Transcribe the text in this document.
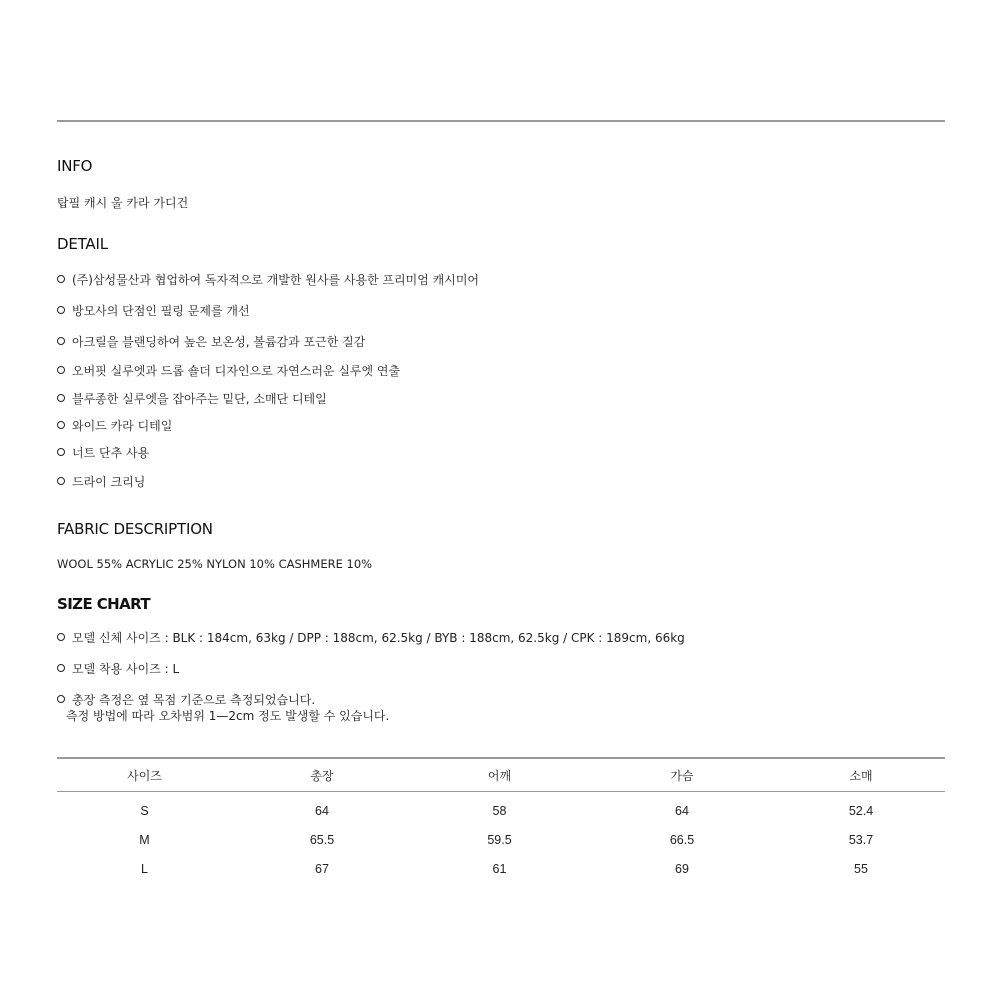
INFO

탑필 캐시 울 카라 가디건

DETAIL
(주)삼성물산과 협업하여 독자적으로 개발한 원사를 사용한 프리미엄 캐시미어
방모사의 단점인 필링 문제를 개선
아크릴을 블랜딩하여 높은 보온성, 볼륨감과 포근한 질감
오버핏 실루엣과 드롭 숄더 디자인으로 자연스러운 실루엣 연출
블루종한 실루엣을 잡아주는 밑단, 소매단 디테일
와이드 카라 디테일
너트 단추 사용
드라이 크리닝
FABRIC DESCRIPTION

WOOL 55% ACRYLIC 25% NYLON 10% CASHMERE 10%

SIZE CHART
모델 신체 사이즈 : BLK : 184cm, 63kg / DPP : 188cm, 62.5kg / BYB : 188cm, 62.5kg / CPK : 189cm, 66kg
모델 착용 사이즈 : L
총장 측정은 옆 목점 기준으로 측정되었습니다.
측정 방법에 따라 오차범위 1—2cm 정도 발생할 수 있습니다.
사이즈	총장	어깨	가슴	소매
S	64	58	64	52.4
M	65.5	59.5	66.5	53.7
L	67	61	69	55
